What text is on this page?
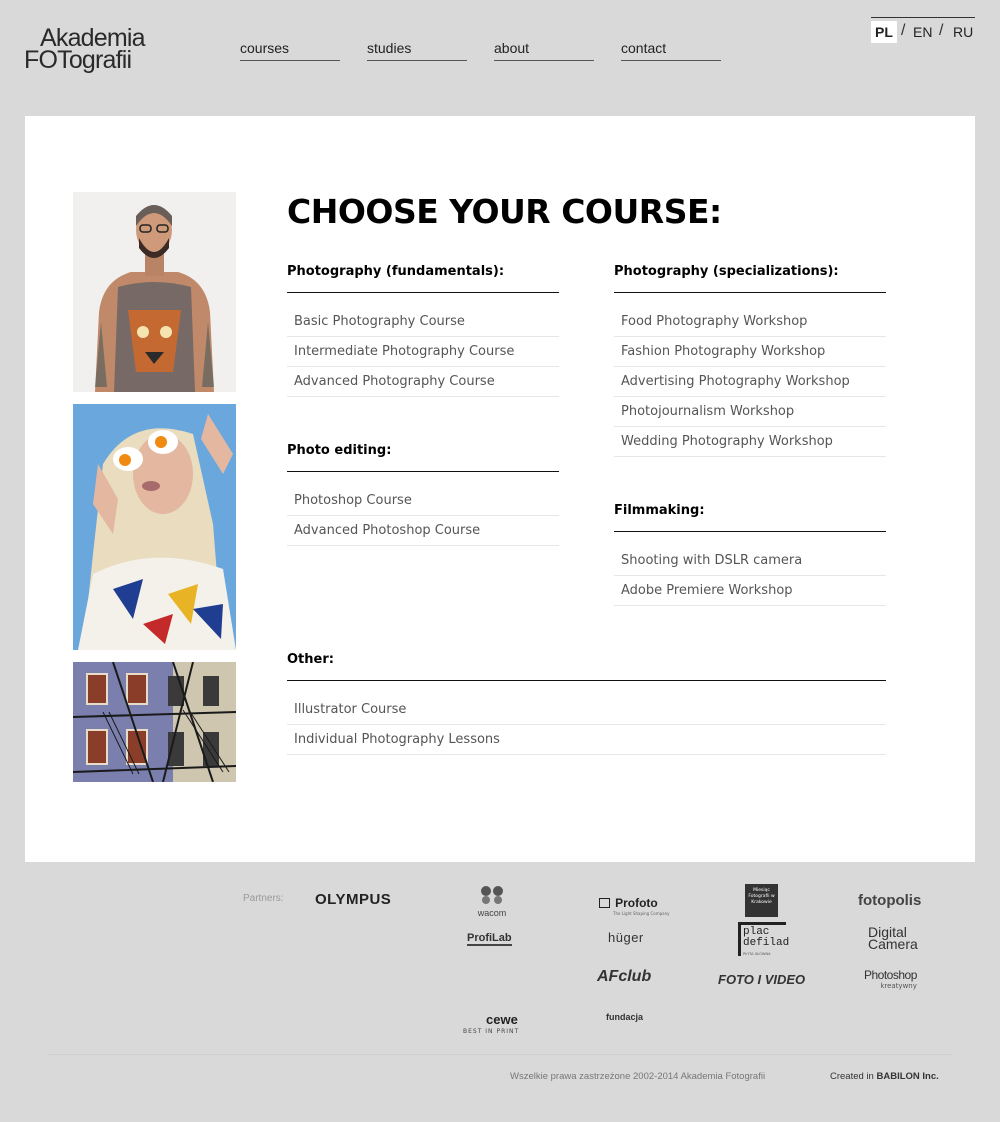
Akademia
FOTografii	courses	studies	about	contact
PL / EN / RU
CHOOSE YOUR COURSE:
Photography (fundamentals):
Basic Photography Course
Intermediate Photography Course
Advanced Photography Course
Photo editing:
Photoshop Course
Advanced Photoshop Course
Photography (specializations):
Food Photography Workshop
Fashion Photography Workshop
Advertising Photography Workshop
Photojournalism Workshop
Wedding Photography Workshop
Filmmaking:
Shooting with DSLR camera
Adobe Premiere Workshop
Other:
Illustrator Course
Individual Photography Lessons
Partners: OLYMPUS
wacom
Profoto
The Light Shaping Company
Miesiąc Fotografii w Krakowie	fotopolis
ProfiLab	hüger	plac defilad
PŁYTA GŁÓWNA
Digital Camera
AFclub	FOTO I VIDEO	Photoshop
kreatywny
cewe
BEST IN PRINT
fundacja
Wszelkie prawa zastrzeżone 2002-2014 Akademia Fotografii	Created in BABILON Inc.
